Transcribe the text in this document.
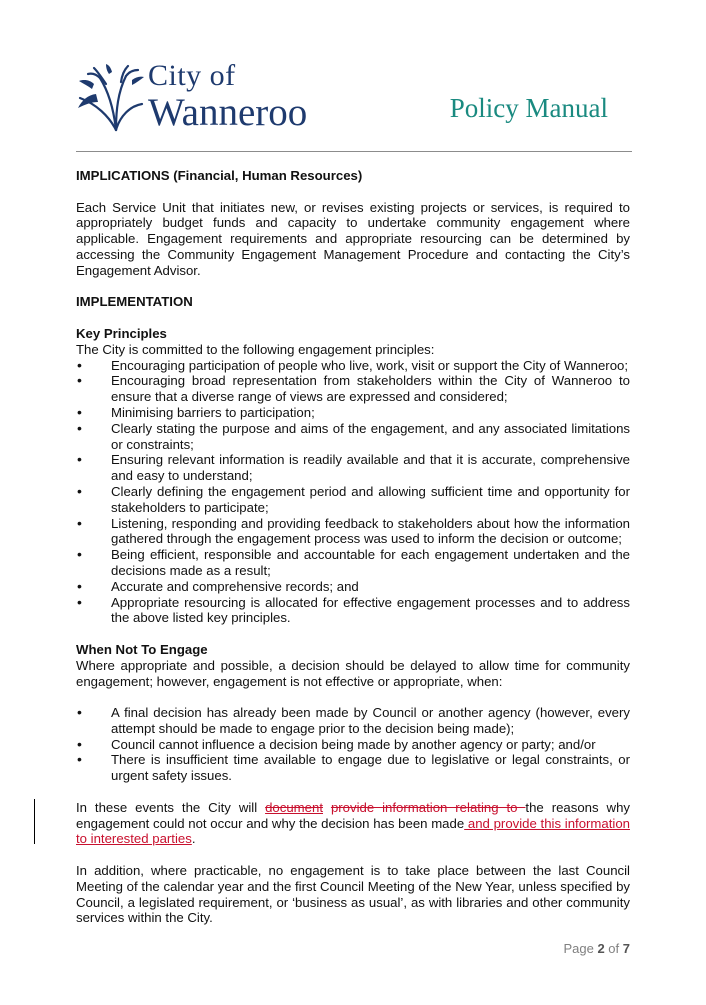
City of
Wanneroo	Policy Manual

IMPLICATIONS (Financial, Human Resources)

Each Service Unit that initiates new, or revises existing projects or services, is required to appropriately budget funds and capacity to undertake community engagement where applicable. Engagement requirements and appropriate resourcing can be determined by accessing the Community Engagement Management Procedure and contacting the City’s Engagement Advisor.

IMPLEMENTATION

Key Principles

The City is committed to the following engagement principles:

• Encouraging participation of people who live, work, visit or support the City of Wanneroo;
• Encouraging broad representation from stakeholders within the City of Wanneroo to ensure that a diverse range of views are expressed and considered;
• Minimising barriers to participation;
• Clearly stating the purpose and aims of the engagement, and any associated limitations or constraints;
• Ensuring relevant information is readily available and that it is accurate, comprehensive and easy to understand;
• Clearly defining the engagement period and allowing sufficient time and opportunity for stakeholders to participate;
• Listening, responding and providing feedback to stakeholders about how the information gathered through the engagement process was used to inform the decision or outcome;
• Being efficient, responsible and accountable for each engagement undertaken and the decisions made as a result;
• Accurate and comprehensive records; and
• Appropriate resourcing is allocated for effective engagement processes and to address the above listed key principles.

When Not To Engage

Where appropriate and possible, a decision should be delayed to allow time for community engagement; however, engagement is not effective or appropriate, when:

• A final decision has already been made by Council or another agency (however, every attempt should be made to engage prior to the decision being made);
• Council cannot influence a decision being made by another agency or party; and/or
• There is insufficient time available to engage due to legislative or legal constraints, or urgent safety issues.

In these events the City will document provide information relating to the reasons why engagement could not occur and why the decision has been made and provide this information to interested parties.

In addition, where practicable, no engagement is to take place between the last Council Meeting of the calendar year and the first Council Meeting of the New Year, unless specified by Council, a legislated requirement, or ‘business as usual’, as with libraries and other community services within the City.

Page 2 of 7
